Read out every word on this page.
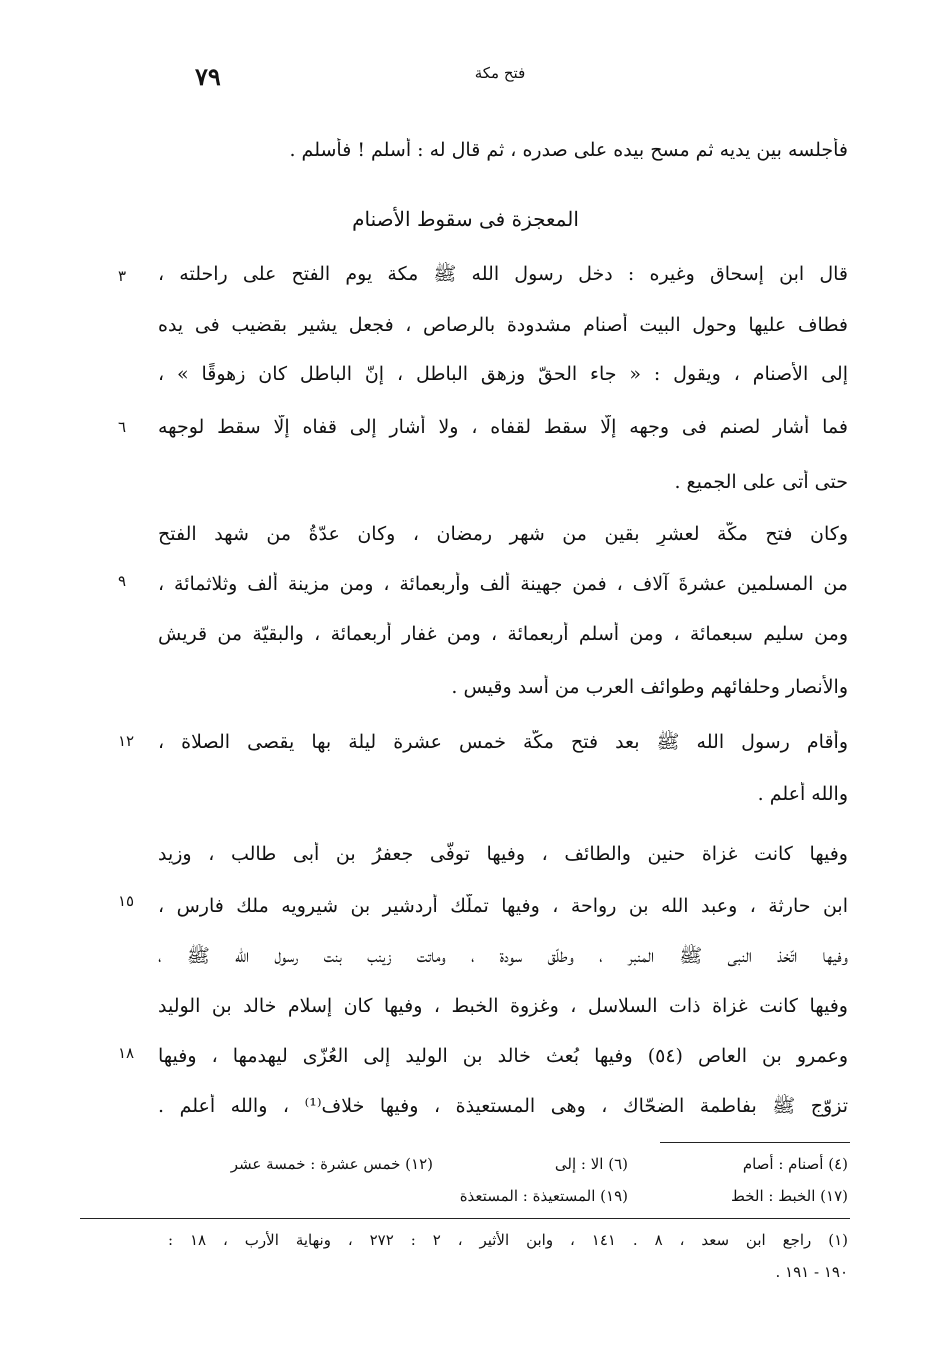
٧٩	فتح مكة
فأجلسه بين يديه ثم مسح بيده على صدره ، ثم قال له : أسلم ! فأسلم .
المعجزة فى سقوط الأصنام
قال ابن إسحاق وغيره : دخل رسول الله ﷺ مكة يوم الفتح على راحلته ،
٣
فطاف عليها وحول البيت أصنام مشدودة بالرصاص ، فجعل يشير بقضيب فى يده
إلى الأصنام ، ويقول : « جاء الحقّ وزهق الباطل ، إنّ الباطل كان زهوقًا » ،
فما أشار لصنم فى وجهه إلّا سقط لقفاه ، ولا أشار إلى قفاه إلّا سقط لوجهه
٦
حتى أتى على الجميع .
وكان فتح مكّة لعشرٍ بقين من شهر رمضان ، وكان عدّةُ من شهد الفتح
من المسلمين عشرةَ آلاف ، فمن جهينة ألف وأربعمائة ، ومن مزينة ألف وثلاثمائة ،
٩
ومن سليم سبعمائة ، ومن أسلم أربعمائة ، ومن غفار أربعمائة ، والبقيّة من قريش
والأنصار وحلفائهم وطوائف العرب من أسد وقيس .
وأقام رسول الله ﷺ بعد فتح مكّة خمس عشرة ليلة بها يقصى الصلاة ،
١٢
والله أعلم .
وفيها كانت غزاة حنين والطائف ، وفيها توفّى جعفرُ بن أبى طالب ، وزيد
ابن حارثة ، وعبد الله بن رواحة ، وفيها تملّك أردشير بن شيرويه ملك فارس ،
١٥
وفيها اتّخذ النبى ﷺ المنبر ، وطلّق سودة ، وماتت زينب بنت رسول الله ﷺ ،
وفيها كانت غزاة ذات السلاسل ، وغزوة الخبط ، وفيها كان إسلام خالد بن الوليد
وعمرو بن العاص (٥٤) وفيها بُعث خالد بن الوليد إلى العُزّى ليهدمها ، وفيها
١٨
تزوّج ﷺ بفاطمة الضحّاك ، وهى المستعيذة ، وفيها خلاف⁽¹⁾ ، والله أعلم .
(٤) أصنام : أصام
(٦) الا : إلى
(١٢) خمس عشرة : خمسة عشر
(١٧) الخبط : الخط
(١٩) المستعيذة : المستعذة
(١) راجع ابن سعد ، ٨ . ١٤١ ، وابن الأثير ، ٢ : ٢٧٢ ، ونهاية الأرب ، ١٨ :
١٩٠ - ١٩١ .
